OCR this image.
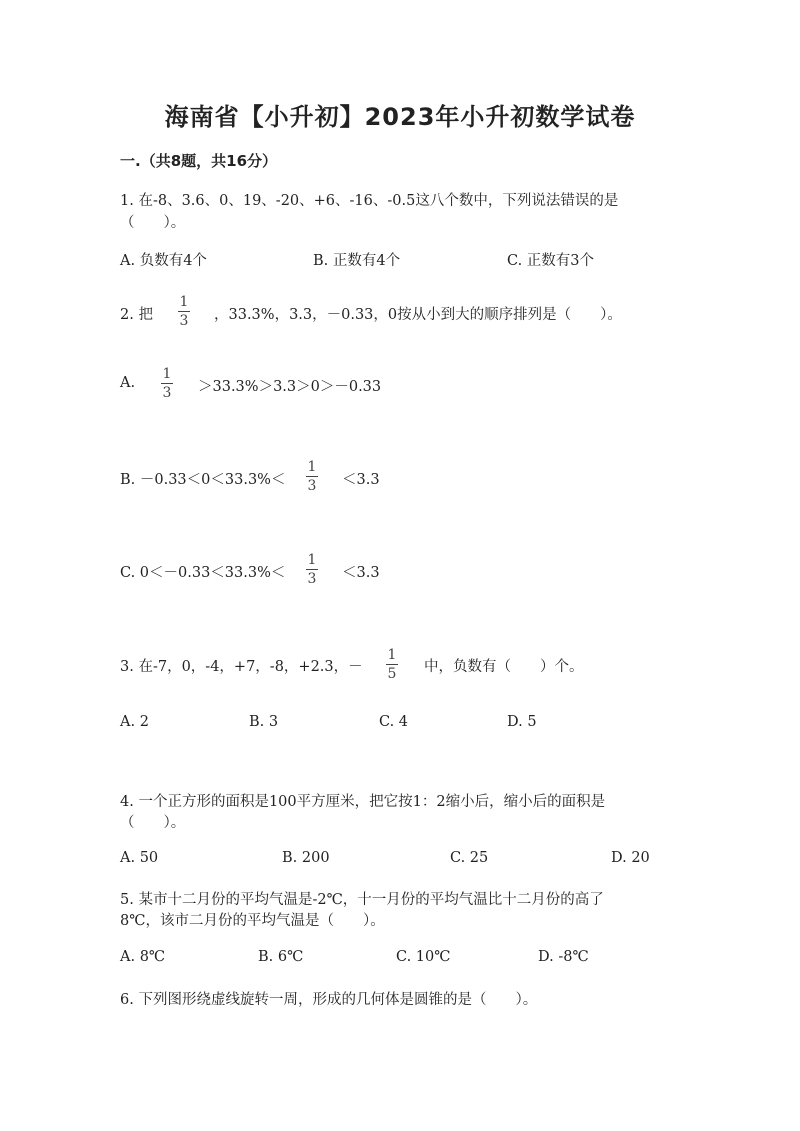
海南省【小升初】2023年小升初数学试卷
一.（共8题，共16分）
1. 在-8、3.6、0、19、-20、+6、-16、-0.5这八个数中，下列说法错误的是
（　　）。
A. 负数有4个	B. 正数有4个	C. 正数有3个
2. 把
1
3 ，33.3%，3.3，－0.33，0按从小到大的顺序排列是（　　）。
A.
1
3 ＞33.3%＞3.3＞0＞－0.33
B. －0.33＜0＜33.3%＜
1
3 ＜3.3
C. 0＜－0.33＜33.3%＜
1
3 ＜3.3
3. 在-7，0，-4，+7，-8，+2.3，－
1
5 中，负数有（　　）个。
A. 2	B. 3	C. 4	D. 5
4. 一个正方形的面积是100平方厘米，把它按1：2缩小后，缩小后的面积是
（　　）。
A. 50	B. 200	C. 25	D. 20
5. 某市十二月份的平均气温是-2℃，十一月份的平均气温比十二月份的高了
8℃，该市二月份的平均气温是（　　）。
A. 8℃	B. 6℃	C. 10℃	D. -8℃
6. 下列图形绕虚线旋转一周，形成的几何体是圆锥的是（　　）。
